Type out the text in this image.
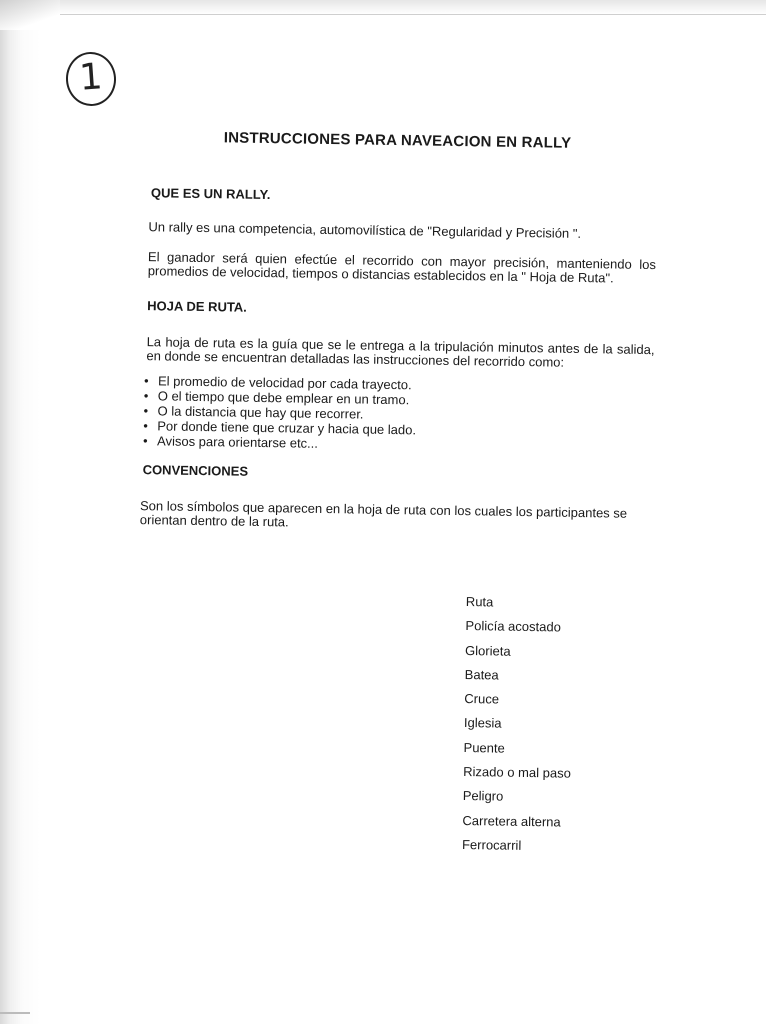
1
INSTRUCCIONES PARA NAVEACION EN RALLY
QUE ES UN RALLY.

Un rally es una competencia, automovilística de "Regularidad y Precisión ".

El ganador será quien efectúe el recorrido con mayor precisión, manteniendo los promedios de velocidad, tiempos o distancias establecidos en la " Hoja de Ruta".

HOJA DE RUTA.

La hoja de ruta es la guía que se le entrega a la tripulación minutos antes de la salida, en donde se encuentran detalladas las instrucciones del recorrido como:

• El promedio de velocidad por cada trayecto.
• O el tiempo que debe emplear en un tramo.
• O la distancia que hay que recorrer.
• Por donde tiene que cruzar y hacia que lado.
• Avisos para orientarse etc...
CONVENCIONES

Son los símbolos que aparecen en la hoja de ruta con los cuales los participantes se orientan dentro de la ruta.

Ruta
Policía acostado
Glorieta
Batea
Cruce
Iglesia
Puente
Rizado o mal paso
Peligro
Carretera alterna
Ferrocarril
